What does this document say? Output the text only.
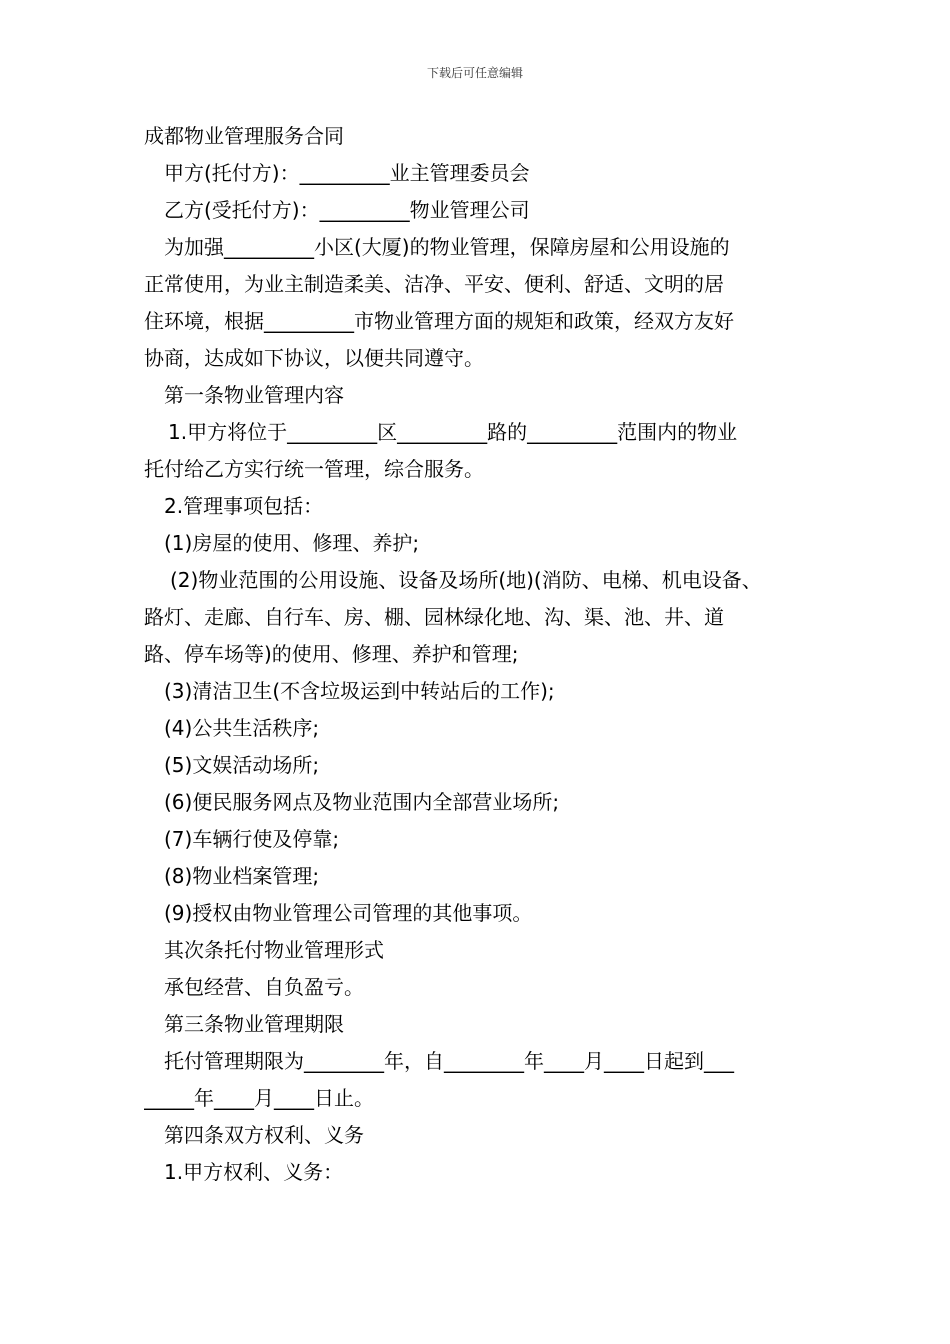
下载后可任意编辑
成都物业管理服务合同
甲方(托付方)：_________业主管理委员会
乙方(受托付方)：_________物业管理公司
为加强_________小区(大厦)的物业管理，保障房屋和公用设施的
正常使用，为业主制造柔美、洁净、平安、便利、舒适、文明的居
住环境，根据_________市物业管理方面的规矩和政策，经双方友好
协商，达成如下协议，以便共同遵守。
第一条物业管理内容
1.甲方将位于_________区_________路的_________范围内的物业
托付给乙方实行统一管理，综合服务。
2.管理事项包括：
(1)房屋的使用、修理、养护;
(2)物业范围的公用设施、设备及场所(地)(消防、电梯、机电设备、
路灯、走廊、自行车、房、棚、园林绿化地、沟、渠、池、井、道
路、停车场等)的使用、修理、养护和管理;
(3)清洁卫生(不含垃圾运到中转站后的工作);
(4)公共生活秩序;
(5)文娱活动场所;
(6)便民服务网点及物业范围内全部营业场所;
(7)车辆行使及停靠;
(8)物业档案管理;
(9)授权由物业管理公司管理的其他事项。
其次条托付物业管理形式
承包经营、自负盈亏。
第三条物业管理期限
托付管理期限为________年，自________年____月____日起到___
_____年____月____日止。
第四条双方权利、义务
1.甲方权利、义务：
